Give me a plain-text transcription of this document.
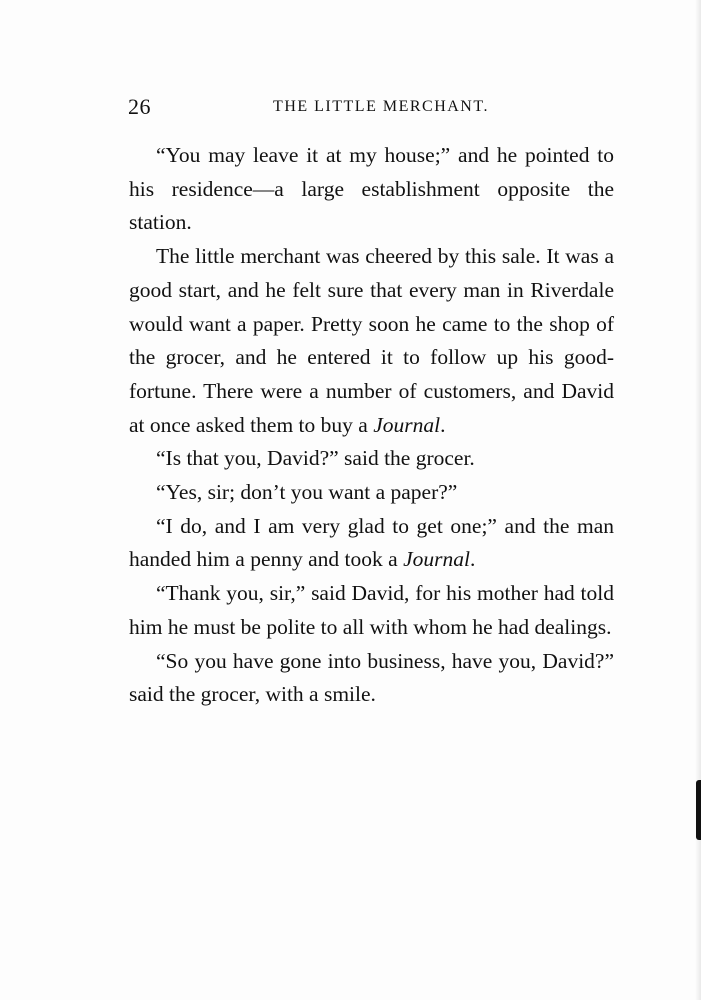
26	THE LITTLE MERCHANT.

“You may leave it at my house;” and he pointed to his residence—a large establishment opposite the station.

The little merchant was cheered by this sale. It was a good start, and he felt sure that every man in Riverdale would want a paper. Pretty soon he came to the shop of the grocer, and he entered it to follow up his good-fortune. There were a number of customers, and David at once asked them to buy a Journal.

“Is that you, David?” said the grocer.

“Yes, sir; don’t you want a paper?”

“I do, and I am very glad to get one;” and the man handed him a penny and took a Journal.

“Thank you, sir,” said David, for his mother had told him he must be polite to all with whom he had dealings.

“So you have gone into business, have you, David?” said the grocer, with a smile.
